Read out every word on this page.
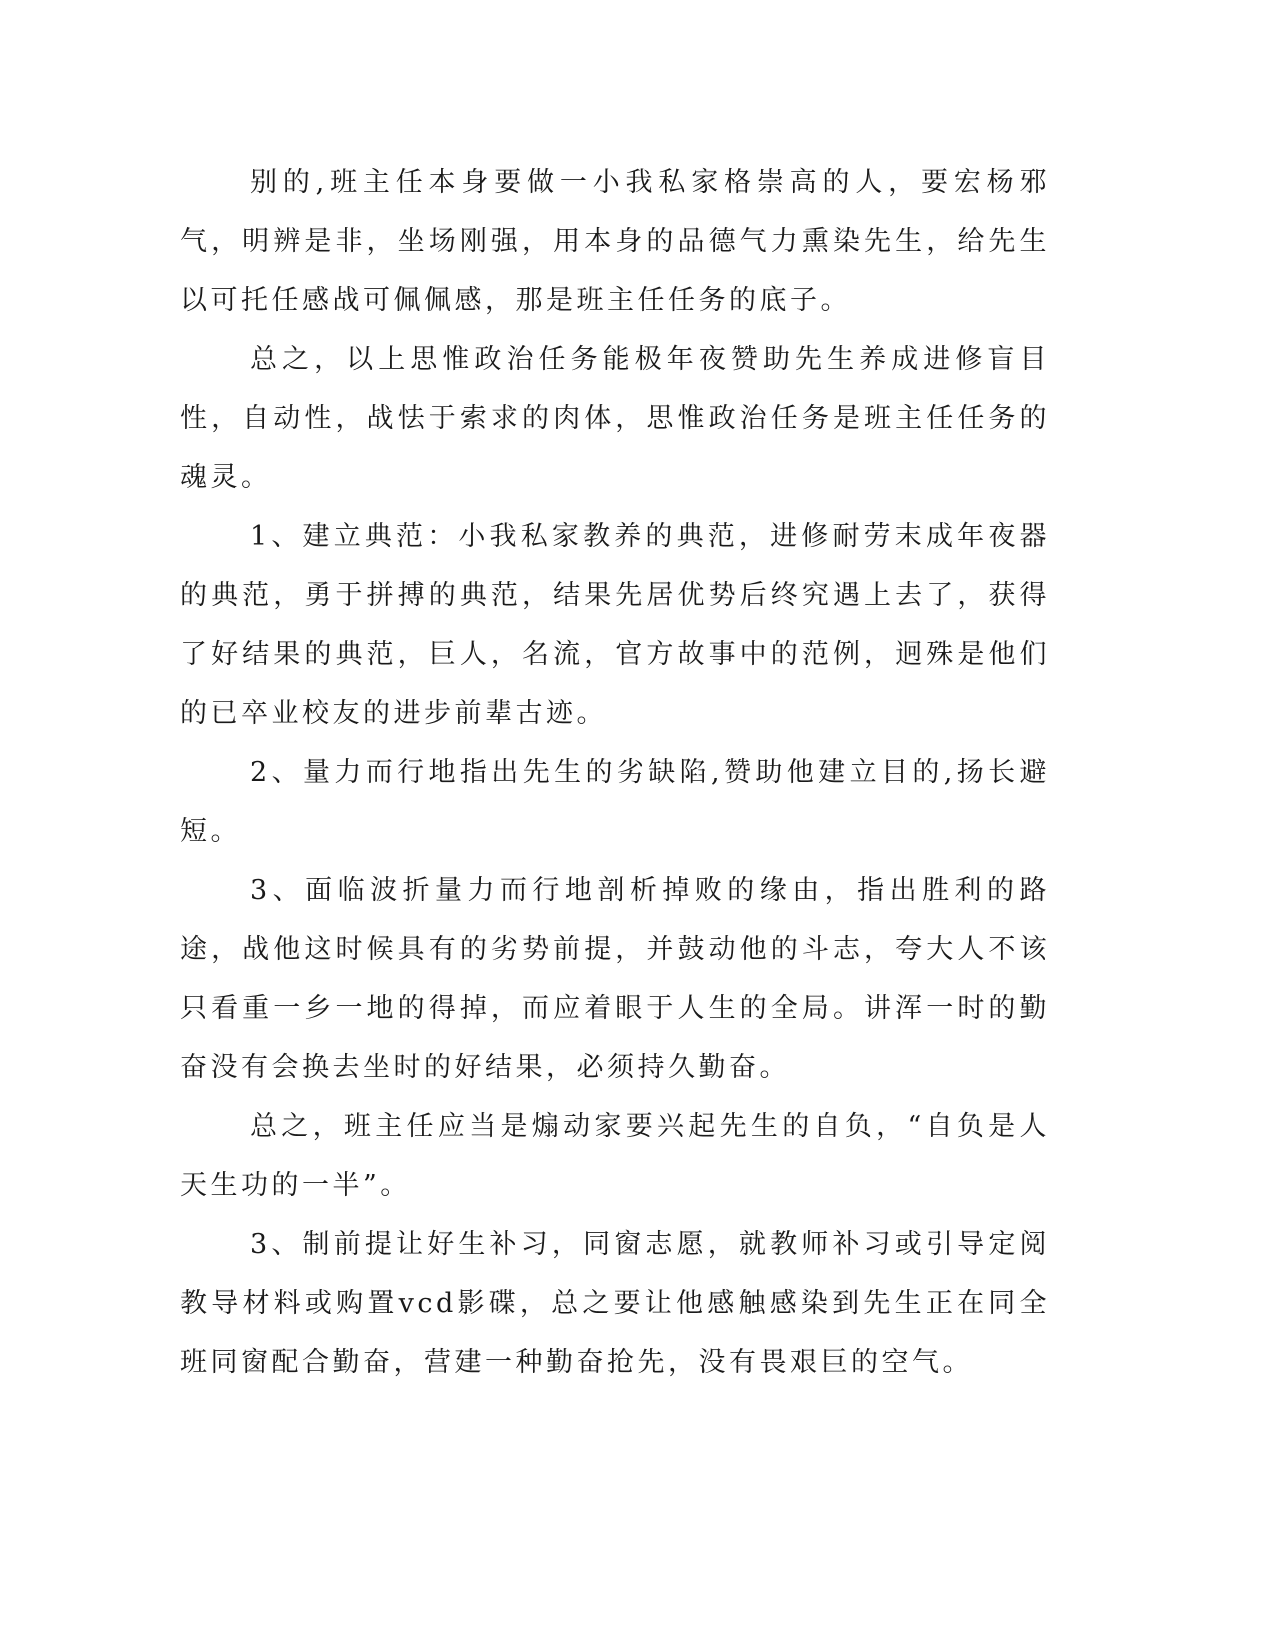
别的,班主任本身要做一小我私家格崇高的人，要宏杨邪气，明辨是非，坐场刚强，用本身的品德气力熏染先生，给先生以可托任感战可佩佩感，那是班主任任务的底子。

总之，以上思惟政治任务能极年夜赞助先生养成进修盲目性，自动性，战怯于索求的肉体，思惟政治任务是班主任任务的魂灵。

1、建立典范：小我私家教养的典范，进修耐劳末成年夜器的典范，勇于拼搏的典范，结果先居优势后终究遇上去了，获得了好结果的典范，巨人，名流，官方故事中的范例，迥殊是他们的已卒业校友的进步前辈古迹。

2、量力而行地指出先生的劣缺陷,赞助他建立目的,扬长避短。

3、面临波折量力而行地剖析掉败的缘由，指出胜利的路途，战他这时候具有的劣势前提，并鼓动他的斗志，夸大人不该只看重一乡一地的得掉，而应着眼于人生的全局。讲浑一时的勤奋没有会换去坐时的好结果，必须持久勤奋。

总之，班主任应当是煽动家要兴起先生的自负，“自负是人天生功的一半”。

3、制前提让好生补习，同窗志愿，就教师补习或引导定阅教导材料或购置vcd影碟，总之要让他感触感染到先生正在同全班同窗配合勤奋，营建一种勤奋抢先，没有畏艰巨的空气。
